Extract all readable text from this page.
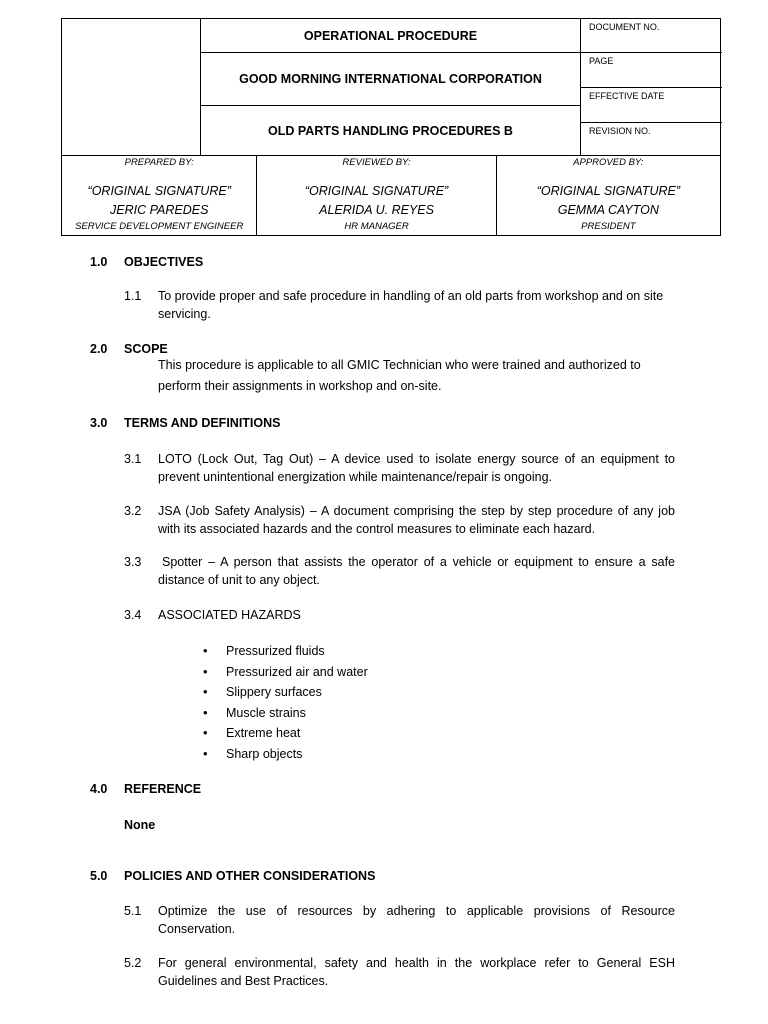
OPERATIONAL PROCEDURE
GOOD MORNING INTERNATIONAL CORPORATION
OLD PARTS HANDLING PROCEDURES B
DOCUMENT NO.
PAGE
EFFECTIVE DATE
REVISION NO.
PREPARED BY:
“ORIGINAL SIGNATURE”
JERIC PAREDES
SERVICE DEVELOPMENT ENGINEER
REVIEWED BY:
“ORIGINAL SIGNATURE”
ALERIDA U. REYES
HR MANAGER
APPROVED BY:
“ORIGINAL SIGNATURE”
GEMMA CAYTON
PRESIDENT
1.0 OBJECTIVES
1.1 To provide proper and safe procedure in handling of an old parts from workshop and on site
servicing.
2.0 SCOPE
This procedure is applicable to all GMIC Technician who were trained and authorized to
perform their assignments in workshop and on-site.
3.0 TERMS AND DEFINITIONS
3.1 LOTO (Lock Out, Tag Out) – A device used to isolate energy source of an equipment to prevent unintentional energization while maintenance/repair is ongoing.
3.2 JSA (Job Safety Analysis) – A document comprising the step by step procedure of any job with its associated hazards and the control measures to eliminate each hazard.
3.3	Spotter – A person that assists the operator of a vehicle or equipment to ensure a safe distance of unit to any object.
3.4 ASSOCIATED HAZARDS
• Pressurized fluids
• Pressurized air and water
• Slippery surfaces
• Muscle strains
• Extreme heat
• Sharp objects
4.0 REFERENCE
None
5.0 POLICIES AND OTHER CONSIDERATIONS
5.1 Optimize the use of resources by adhering to applicable provisions of Resource Conservation.
5.2 For general environmental, safety and health in the workplace refer to General ESH Guidelines and Best Practices.
